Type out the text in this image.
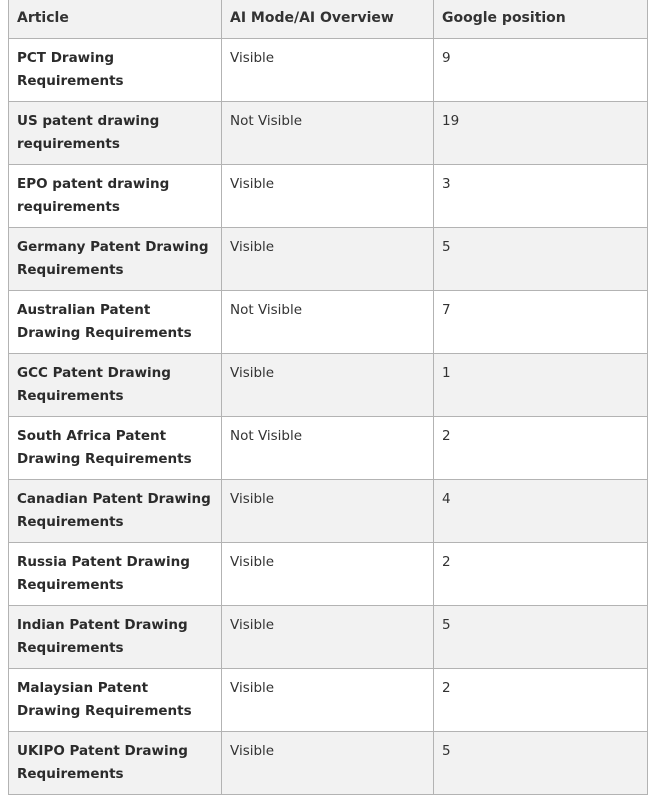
Article	AI Mode/AI Overview	Google position
PCT Drawing Requirements	Visible	9
US patent drawing requirements	Not Visible	19
EPO patent drawing requirements	Visible	3
Germany Patent Drawing Requirements	Visible	5
Australian Patent Drawing Requirements	Not Visible	7
GCC Patent Drawing Requirements	Visible	1
South Africa Patent Drawing Requirements	Not Visible	2
Canadian Patent Drawing Requirements	Visible	4
Russia Patent Drawing Requirements	Visible	2
Indian Patent Drawing Requirements	Visible	5
Malaysian Patent Drawing Requirements	Visible	2
UKIPO Patent Drawing Requirements	Visible	5
